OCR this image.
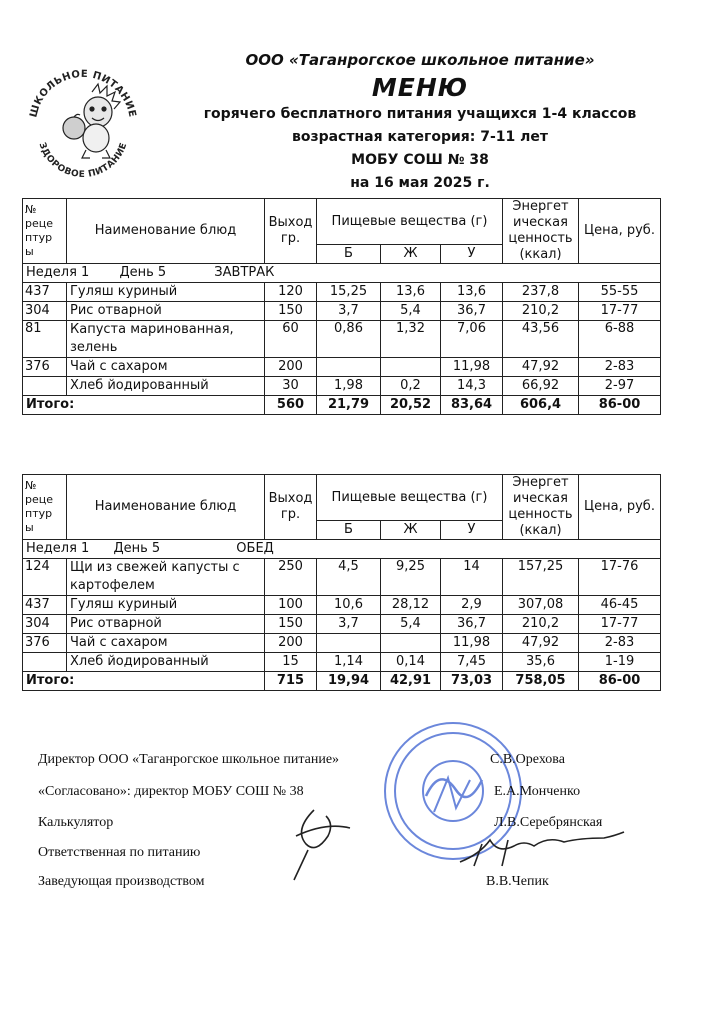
ШКОЛЬНОЕ ПИТАНИЕ
ЗДОРОВОЕ ПИТАНИЕ
ООО «Таганрогское школьное питание»
МЕНЮ
горячего бесплатного питания учащихся 1-4 классов
возрастная категория: 7-11 лет
МОБУ СОШ № 38
на 16 мая 2025 г.
№ реце птур ы	Наименование блюд	Выход гр.	Пищевые вещества (г)			Энергет ическая ценность (ккал)	Цена, руб.
			Б	Ж	У		
Неделя 1 День 5 ЗАВТРАК							
437	Гуляш куриный	120	15,25	13,6	13,6	237,8	55-55
304	Рис отварной	150	3,7	5,4	36,7	210,2	17-77
81	Капуста маринованная, зелень	60	0,86	1,32	7,06	43,56	6-88
376	Чай с сахаром	200			11,98	47,92	2-83
	Хлеб йодированный	30	1,98	0,2	14,3	66,92	2-97
Итого:		560	21,79	20,52	83,64	606,4	86-00
№ реце птур ы	Наименование блюд	Выход гр.	Пищевые вещества (г)			Энергет ическая ценность (ккал)	Цена, руб.
			Б	Ж	У		
Неделя 1 День 5 ОБЕД							
124	Щи из свежей капусты с картофелем	250	4,5	9,25	14	157,25	17-76
437	Гуляш куриный	100	10,6	28,12	2,9	307,08	46-45
304	Рис отварной	150	3,7	5,4	36,7	210,2	17-77
376	Чай с сахаром	200			11,98	47,92	2-83
	Хлеб йодированный	15	1,14	0,14	7,45	35,6	1-19
Итого:		715	19,94	42,91	73,03	758,05	86-00
Директор ООО «Таганрогское школьное питание»	С.В.Орехова
«Согласовано»: директор МОБУ СОШ № 38	Е.А.Монченко
Калькулятор	Л.В.Серебрянская
Ответственная по питанию
Заведующая производством	В.В.Чепик
